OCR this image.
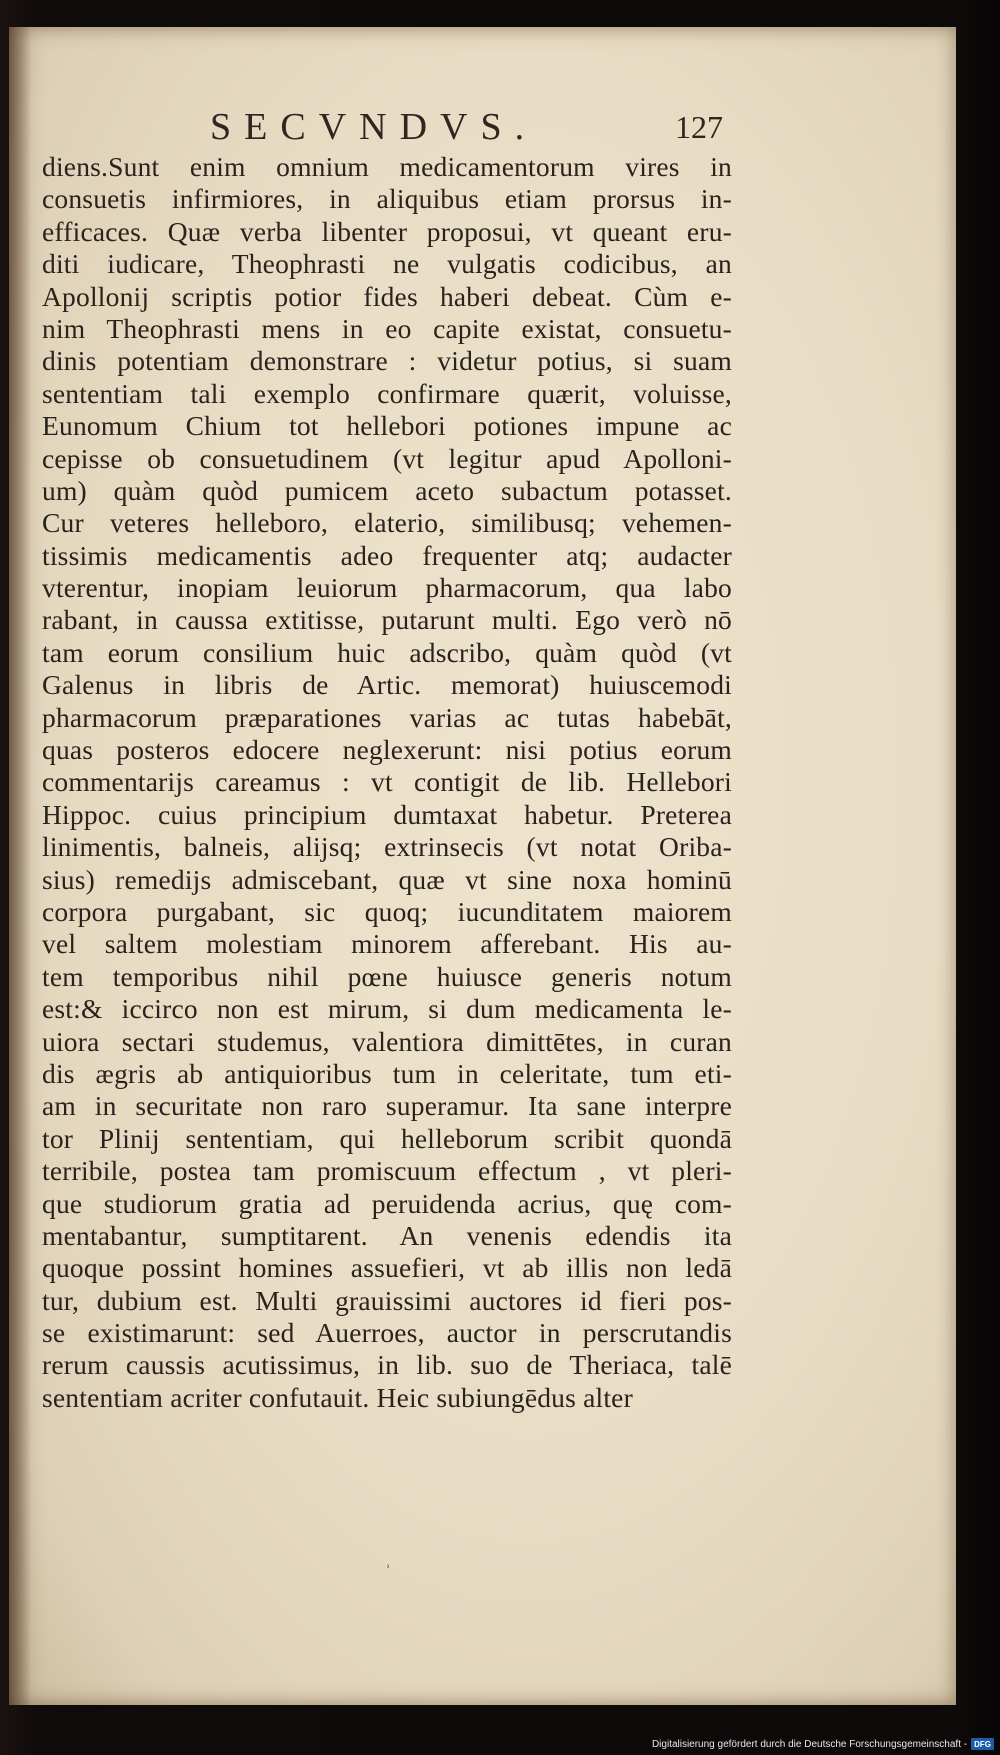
SECVNDVS.	127
diens.Sunt enim omnium medicamentorum vires in
consuetis infirmiores, in aliquibus etiam prorsus in-
efficaces. Quæ verba libenter proposui, vt queant eru-
diti iudicare, Theophrasti ne vulgatis codicibus, an
Apollonij scriptis potior fides haberi debeat. Cùm e-
nim Theophrasti mens in eo capite existat, consuetu-
dinis potentiam demonstrare : videtur potius, si suam
sententiam tali exemplo confirmare quærit, voluisse,
Eunomum Chium tot hellebori potiones impune ac
cepisse ob consuetudinem (vt legitur apud Apolloni-
um) quàm quòd pumicem aceto subactum potasset.
Cur veteres helleboro, elaterio, similibusq; vehemen-
tissimis medicamentis adeo frequenter atq; audacter
vterentur, inopiam leuiorum pharmacorum, qua labo
rabant, in caussa extitisse, putarunt multi. Ego verò nō
tam eorum consilium huic adscribo, quàm quòd (vt
Galenus in libris de Artic. memorat) huiuscemodi
pharmacorum præparationes varias ac tutas habebāt,
quas posteros edocere neglexerunt: nisi potius eorum
commentarijs careamus : vt contigit de lib. Hellebori
Hippoc. cuius principium dumtaxat habetur. Preterea
linimentis, balneis, alijsq; extrinsecis (vt notat Oriba-
sius) remedijs admiscebant, quæ vt sine noxa hominū
corpora purgabant, sic quoq; iucunditatem maiorem
vel saltem molestiam minorem afferebant. His au-
tem temporibus nihil pœne huiusce generis notum
est:& iccirco non est mirum, si dum medicamenta le-
uiora sectari studemus, valentiora dimittētes, in curan
dis ægris ab antiquioribus tum in celeritate, tum eti-
am in securitate non raro superamur. Ita sane interpre
tor Plinij sententiam, qui helleborum scribit quondā
terribile, postea tam promiscuum effectum , vt pleri-
que studiorum gratia ad peruidenda acrius, quę com-
mentabantur, sumptitarent. An venenis edendis ita
quoque possint homines assuefieri, vt ab illis non ledā
tur, dubium est. Multi grauissimi auctores id fieri pos-
se existimarunt: sed Auerroes, auctor in perscrutandis
rerum caussis acutissimus, in lib. suo de Theriaca, talē
sententiam acriter confutauit. Heic subiungēdus alter
˒
Digitalisierung gefördert durch die Deutsche Forschungsgemeinschaft - DFG
